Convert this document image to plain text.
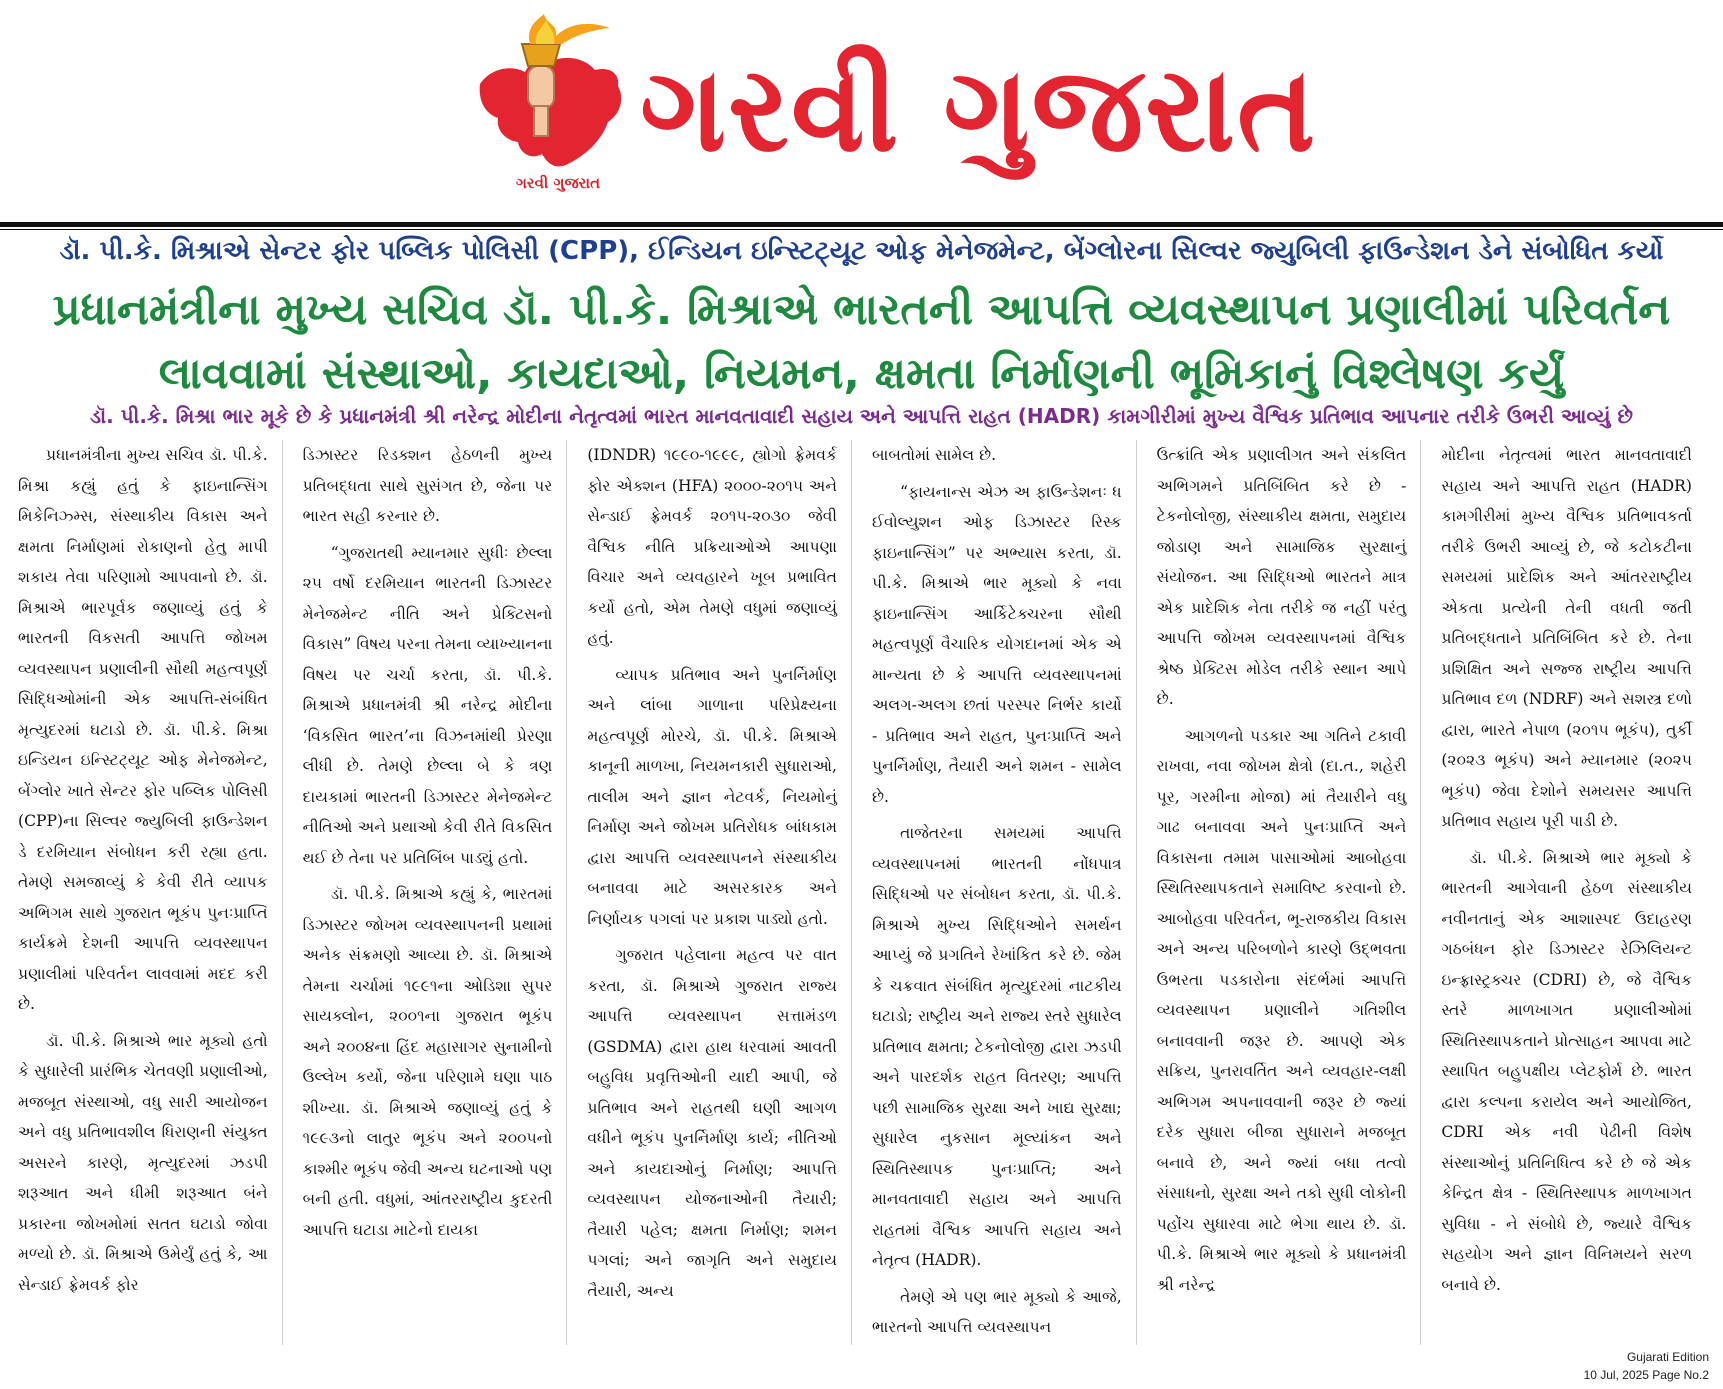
ગરવી ગુજરાત
ગરવી ગુજરાત
ડૉ. પી.કે. મિશ્રાએ સેન્ટર ફોર પબ્લિક પોલિસી (CPP), ઈન્ડિયન ઇન્સ્ટિટ્યૂટ ઓફ મેનેજમેન્ટ, બેંગ્લોરના સિલ્વર જ્યુબિલી ફાઉન્ડેશન ડેને સંબોધિત કર્યો
પ્રધાનમંત્રીના મુખ્ય સચિવ ડૉ. પી.કે. મિશ્રાએ ભારતની આપત્તિ વ્યવસ્થાપન પ્રણાલીમાં પરિવર્તન
લાવવામાં સંસ્થાઓ, કાયદાઓ, નિયમન, ક્ષમતા નિર્માણની ભૂમિકાનું વિશ્લેષણ કર્યું
ડૉ. પી.કે. મિશ્રા ભાર મૂકે છે કે પ્રધાનમંત્રી શ્રી નરેન્દ્ર મોદીના નેતૃત્વમાં ભારત માનવતાવાદી સહાય અને આપત્તિ રાહત (HADR) કામગીરીમાં મુખ્ય વૈશ્વિક પ્રતિભાવ આપનાર તરીકે ઉભરી આવ્યું છે

પ્રધાનમંત્રીના મુખ્ય સચિવ ડૉ. પી.કે. મિશ્રા કહ્યું હતું કે ફાઇનાન્સિંગ મિકેનિઝ્મ્સ, સંસ્થાકીય વિકાસ અને ક્ષમતા નિર્માણમાં રોકાણનો હેતુ માપી શકાય તેવા પરિણામો આપવાનો છે. ડૉ. મિશ્રાએ ભારપૂર્વક જણાવ્યું હતું કે ભારતની વિકસતી આપત્તિ જોખમ વ્યવસ્થાપન પ્રણાલીની સૌથી મહત્વપૂર્ણ સિદ્ધિઓમાંની એક આપત્તિ-સંબંધિત મૃત્યુદરમાં ઘટાડો છે. ડૉ. પી.કે. મિશ્રા ઇન્ડિયન ઇન્સ્ટિટ્યૂટ ઓફ મેનેજમેન્ટ, બેંગ્લોર ખાતે સેન્ટર ફોર પબ્લિક પોલિસી (CPP)ના સિલ્વર જ્યુબિલી ફાઉન્ડેશન ડે દરમિયાન સંબોધન કરી રહ્યા હતા. તેમણે સમજાવ્યું કે કેવી રીતે વ્યાપક અભિગમ સાથે ગુજરાત ભૂકંપ પુનઃપ્રાપ્તિ કાર્યક્રમે દેશની આપત્તિ વ્યવસ્થાપન પ્રણાલીમાં પરિવર્તન લાવવામાં મદદ કરી છે.

ડૉ. પી.કે. મિશ્રાએ ભાર મૂક્યો હતો કે સુધારેલી પ્રારંભિક ચેતવણી પ્રણાલીઓ, મજબૂત સંસ્થાઓ, વધુ સારી આયોજન અને વધુ પ્રતિભાવશીલ ધિરાણની સંયુક્ત અસરને કારણે, મૃત્યુદરમાં ઝડપી શરૂઆત અને ધીમી શરૂઆત બંને પ્રકારના જોખમોમાં સતત ઘટાડો જોવા મળ્યો છે. ડૉ. મિશ્રાએ ઉમેર્યું હતું કે, આ સેન્ડાઈ ફ્રેમવર્ક ફોર

ડિઝાસ્ટર રિડક્શન હેઠળની મુખ્ય પ્રતિબદ્ધતા સાથે સુસંગત છે, જેના પર ભારત સહી કરનાર છે.

“ગુજરાતથી મ્યાનમાર સુધીઃ છેલ્લા ૨૫ વર્ષો દરમિયાન ભારતની ડિઝાસ્ટર મેનેજમેન્ટ નીતિ અને પ્રેક્ટિસનો વિકાસ” વિષય પરના તેમના વ્યાખ્યાનના વિષય પર ચર્ચા કરતા, ડૉ. પી.કે. મિશ્રાએ પ્રધાનમંત્રી શ્રી નરેન્દ્ર મોદીના ‘વિકસિત ભારત’ના વિઝનમાંથી પ્રેરણા લીધી છે. તેમણે છેલ્લા બે કે ત્રણ દાયકામાં ભારતની ડિઝાસ્ટર મેનેજમેન્ટ નીતિઓ અને પ્રથાઓ કેવી રીતે વિકસિત થઈ છે તેના પર પ્રતિબિંબ પાડ્યું હતો.

ડૉ. પી.કે. મિશ્રાએ કહ્યું કે, ભારતમાં ડિઝાસ્ટર જોખમ વ્યવસ્થાપનની પ્રથામાં અનેક સંક્રમણો આવ્યા છે. ડૉ. મિશ્રાએ તેમના ચર્ચામાં ૧૯૯૧ના ઓડિશા સુપર સાયક્લોન, ૨૦૦૧ના ગુજરાત ભૂકંપ અને ૨૦૦૪ના હિંદ મહાસાગર સુનામીનો ઉલ્લેખ કર્યો, જેના પરિણામે ઘણા પાઠ શીખ્યા. ડૉ. મિશ્રાએ જણાવ્યું હતું કે ૧૯૯૩નો લાતુર ભૂકંપ અને ૨૦૦૫નો કાશ્મીર ભૂકંપ જેવી અન્ય ઘટનાઓ પણ બની હતી. વધુમાં, આંતરરાષ્ટ્રીય કુદરતી આપત્તિ ઘટાડા માટેનો દાયકા

(IDNDR) ૧૯૯૦-૧૯૯૯, હ્યોગો ફ્રેમવર્ક ફોર એક્શન (HFA) ૨૦૦૦-૨૦૧૫ અને સેન્ડાઈ ફ્રેમવર્ક ૨૦૧૫-૨૦૩૦ જેવી વૈશ્વિક નીતિ પ્રક્રિયાઓએ આપણા વિચાર અને વ્યવહારને ખૂબ પ્રભાવિત કર્યો હતો, એમ તેમણે વધુમાં જણાવ્યું હતું.

વ્યાપક પ્રતિભાવ અને પુનર્નિર્માણ અને લાંબા ગાળાના પરિપ્રેક્ષ્યના મહત્વપૂર્ણ મોરચે, ડૉ. પી.કે. મિશ્રાએ કાનૂની માળખા, નિયમનકારી સુધારાઓ, તાલીમ અને જ્ઞાન નેટવર્ક, નિયમોનું નિર્માણ અને જોખમ પ્રતિરોધક બાંધકામ દ્વારા આપત્તિ વ્યવસ્થાપનને સંસ્થાકીય બનાવવા માટે અસરકારક અને નિર્ણાયક પગલાં પર પ્રકાશ પાડ્યો હતો.

ગુજરાત પહેલાના મહત્વ પર વાત કરતા, ડૉ. મિશ્રાએ ગુજરાત રાજ્ય આપત્તિ વ્યવસ્થાપન સત્તામંડળ (GSDMA) દ્વારા હાથ ધરવામાં આવતી બહુવિધ પ્રવૃત્તિઓની યાદી આપી, જે પ્રતિભાવ અને રાહતથી ઘણી આગળ વધીને ભૂકંપ પુનર્નિર્માણ કાર્ય; નીતિઓ અને કાયદાઓનું નિર્માણ; આપત્તિ વ્યવસ્થાપન યોજનાઓની તૈયારી; તૈયારી પહેલ; ક્ષમતા નિર્માણ; શમન પગલાં; અને જાગૃતિ અને સમુદાય તૈયારી, અન્ય

બાબતોમાં સામેલ છે.

“ફાયનાન્સ એઝ અ ફાઉન્ડેશનઃ ધ ઈવોલ્યુશન ઓફ ડિઝાસ્ટર રિસ્ક ફાઇનાન્સિંગ” પર અભ્યાસ કરતા, ડૉ. પી.કે. મિશ્રાએ ભાર મૂક્યો કે નવા ફાઇનાન્સિંગ આર્કિટેક્ચરના સૌથી મહત્વપૂર્ણ વૈચારિક યોગદાનમાં એક એ માન્યતા છે કે આપત્તિ વ્યવસ્થાપનમાં અલગ-અલગ છતાં પરસ્પર નિર્ભર કાર્યો - પ્રતિભાવ અને રાહત, પુનઃપ્રાપ્તિ અને પુનર્નિર્માણ, તૈયારી અને શમન - સામેલ છે.

તાજેતરના સમયમાં આપત્તિ વ્યવસ્થાપનમાં ભારતની નોંધપાત્ર સિદ્ધિઓ પર સંબોધન કરતા, ડૉ. પી.કે. મિશ્રાએ મુખ્ય સિદ્ધિઓને સમર્થન આપ્યું જે પ્રગતિને રેખાંકિત કરે છે. જેમ કે ચક્રવાત સંબંધિત મૃત્યુદરમાં નાટકીય ઘટાડો; રાષ્ટ્રીય અને રાજ્ય સ્તરે સુધારેલ પ્રતિભાવ ક્ષમતા; ટેકનોલોજી દ્વારા ઝડપી અને પારદર્શક રાહત વિતરણ; આપત્તિ પછી સામાજિક સુરક્ષા અને ખાદ્ય સુરક્ષા; સુધારેલ નુકસાન મૂલ્યાંકન અને સ્થિતિસ્થાપક પુનઃપ્રાપ્તિ; અને માનવતાવાદી સહાય અને આપત્તિ રાહતમાં વૈશ્વિક આપત્તિ સહાય અને નેતૃત્વ (HADR).

તેમણે એ પણ ભાર મૂક્યો કે આજે, ભારતનો આપત્તિ વ્યવસ્થાપન

ઉત્ક્રાંતિ એક પ્રણાલીગત અને સંકલિત અભિગમને પ્રતિબિંબિત કરે છે - ટેકનોલોજી, સંસ્થાકીય ક્ષમતા, સમુદાય જોડાણ અને સામાજિક સુરક્ષાનું સંયોજન. આ સિદ્ધિઓ ભારતને માત્ર એક પ્રાદેશિક નેતા તરીકે જ નહીં પરંતુ આપત્તિ જોખમ વ્યવસ્થાપનમાં વૈશ્વિક શ્રેષ્ઠ પ્રેક્ટિસ મોડેલ તરીકે સ્થાન આપે છે.

આગળનો પડકાર આ ગતિને ટકાવી રાખવા, નવા જોખમ ક્ષેત્રો (દા.ત., શહેરી પૂર, ગરમીના મોજા) માં તૈયારીને વધુ ગાઢ બનાવવા અને પુનઃપ્રાપ્તિ અને વિકાસના તમામ પાસાઓમાં આબોહવા સ્થિતિસ્થાપકતાને સમાવિષ્ટ કરવાનો છે. આબોહવા પરિવર્તન, ભૂ-રાજકીય વિકાસ અને અન્ય પરિબળોને કારણે ઉદ્ભવતા ઉભરતા પડકારોના સંદર્ભમાં આપત્તિ વ્યવસ્થાપન પ્રણાલીને ગતિશીલ બનાવવાની જરૂર છે. આપણે એક સક્રિય, પુનરાવર્તિત અને વ્યવહાર-લક્ષી અભિગમ અપનાવવાની જરૂર છે જ્યાં દરેક સુધારા બીજા સુધારાને મજબૂત બનાવે છે, અને જ્યાં બધા તત્વો સંસાધનો, સુરક્ષા અને તકો સુધી લોકોની પહોંચ સુધારવા માટે ભેગા થાય છે. ડૉ. પી.કે. મિશ્રાએ ભાર મૂક્યો કે પ્રધાનમંત્રી શ્રી નરેન્દ્ર

મોદીના નેતૃત્વમાં ભારત માનવતાવાદી સહાય અને આપત્તિ રાહત (HADR) કામગીરીમાં મુખ્ય વૈશ્વિક પ્રતિભાવકર્તા તરીકે ઉભરી આવ્યું છે, જે કટોકટીના સમયમાં પ્રાદેશિક અને આંતરરાષ્ટ્રીય એકતા પ્રત્યેની તેની વધતી જતી પ્રતિબદ્ધતાને પ્રતિબિંબિત કરે છે. તેના પ્રશિક્ષિત અને સજ્જ રાષ્ટ્રીય આપત્તિ પ્રતિભાવ દળ (NDRF) અને સશસ્ત્ર દળો દ્વારા, ભારતે નેપાળ (૨૦૧૫ ભૂકંપ), તુર્કી (૨૦૨૩ ભૂકંપ) અને મ્યાનમાર (૨૦૨૫ ભૂકંપ) જેવા દેશોને સમયસર આપત્તિ પ્રતિભાવ સહાય પૂરી પાડી છે.

ડૉ. પી.કે. મિશ્રાએ ભાર મૂક્યો કે ભારતની આગેવાની હેઠળ સંસ્થાકીય નવીનતાનું એક આશાસ્પદ ઉદાહરણ ગઠબંધન ફોર ડિઝાસ્ટર રેઝિલિયન્ટ ઇન્ફ્રાસ્ટ્રક્ચર (CDRI) છે, જે વૈશ્વિક સ્તરે માળખાગત પ્રણાલીઓમાં સ્થિતિસ્થાપકતાને પ્રોત્સાહન આપવા માટે સ્થાપિત બહુપક્ષીય પ્લેટફોર્મ છે. ભારત દ્વારા કલ્પના કરાયેલ અને આયોજિત, CDRI એક નવી પેઢીની વિશેષ સંસ્થાઓનું પ્રતિનિધિત્વ કરે છે જે એક કેન્દ્રિત ક્ષેત્ર - સ્થિતિસ્થાપક માળખાગત સુવિધા - ને સંબોધે છે, જ્યારે વૈશ્વિક સહયોગ અને જ્ઞાન વિનિમયને સરળ બનાવે છે.

Gujarati Edition
10 Jul, 2025 Page No.2
